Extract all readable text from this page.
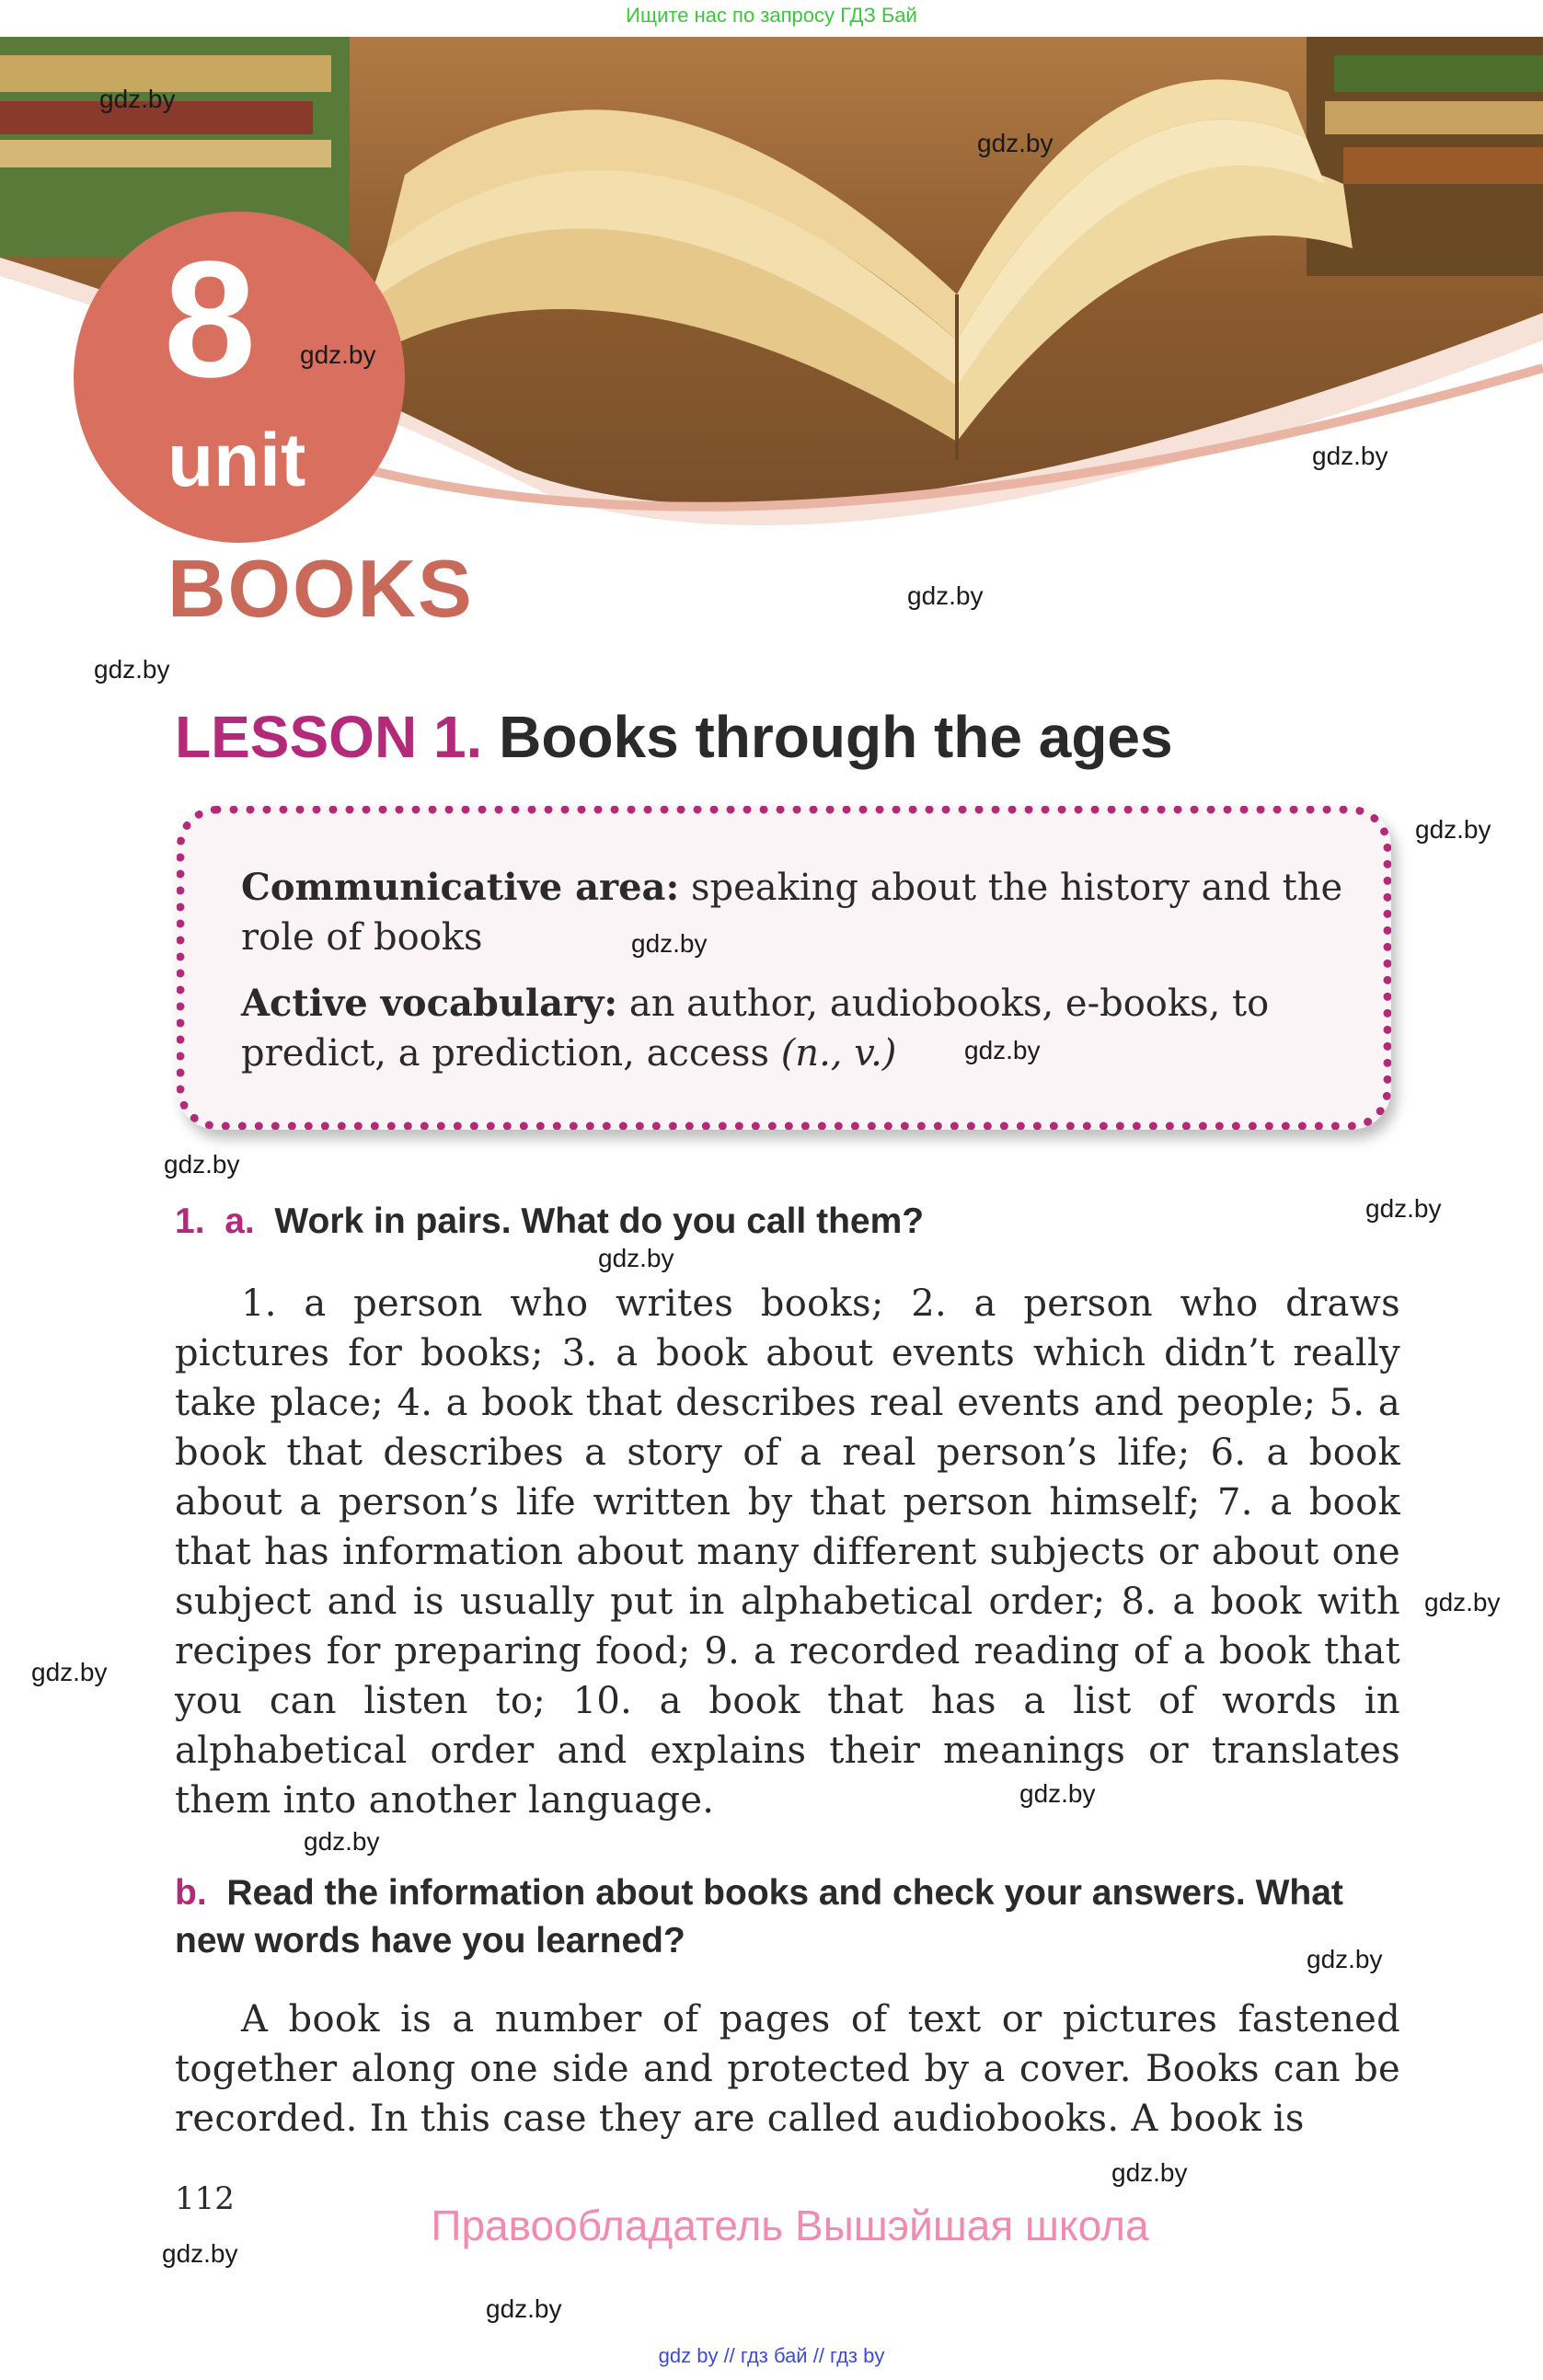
Ищите нас по запросу ГДЗ Бай
8
unit
BOOKS
gdz.by
gdz.by
gdz.by
gdz.by
gdz.by
gdz.by
LESSON 1. Books through the ages
gdz.by
Communicative area: speaking about the history and the role of books
Active vocabulary: an author, audiobooks, e-books, to predict, a prediction, access (n., v.)
gdz.by
gdz.by
gdz.by
gdz.by
1. a. Work in pairs. What do you call them?
gdz.by
1. a person who writes books; 2. a person who draws pictures for books; 3. a book about events which didn’t really take place; 4. a book that describes real events and people; 5. a book that describes a story of a real person’s life; 6. a book about a person’s life written by that person himself; 7. a book that has information about many different subjects or about one subject and is usually put in alphabetical order; 8. a book with recipes for preparing food; 9. a recorded reading of a book that you can listen to; 10. a book that has a list of words in alphabetical order and explains their meanings or translates them into another language.
gdz.by
gdz.by
gdz.by
gdz.by
b. Read the information about books and check your answers. What new words have you learned?	gdz.by
A book is a number of pages of text or pictures fastened together along one side and protected by a cover. Books can be recorded. In this case they are called audiobooks. A book is
gdz.by
112
Правообладатель Вышэйшая школа
gdz.by
gdz.by
gdz by // гдз бай // гдз by
